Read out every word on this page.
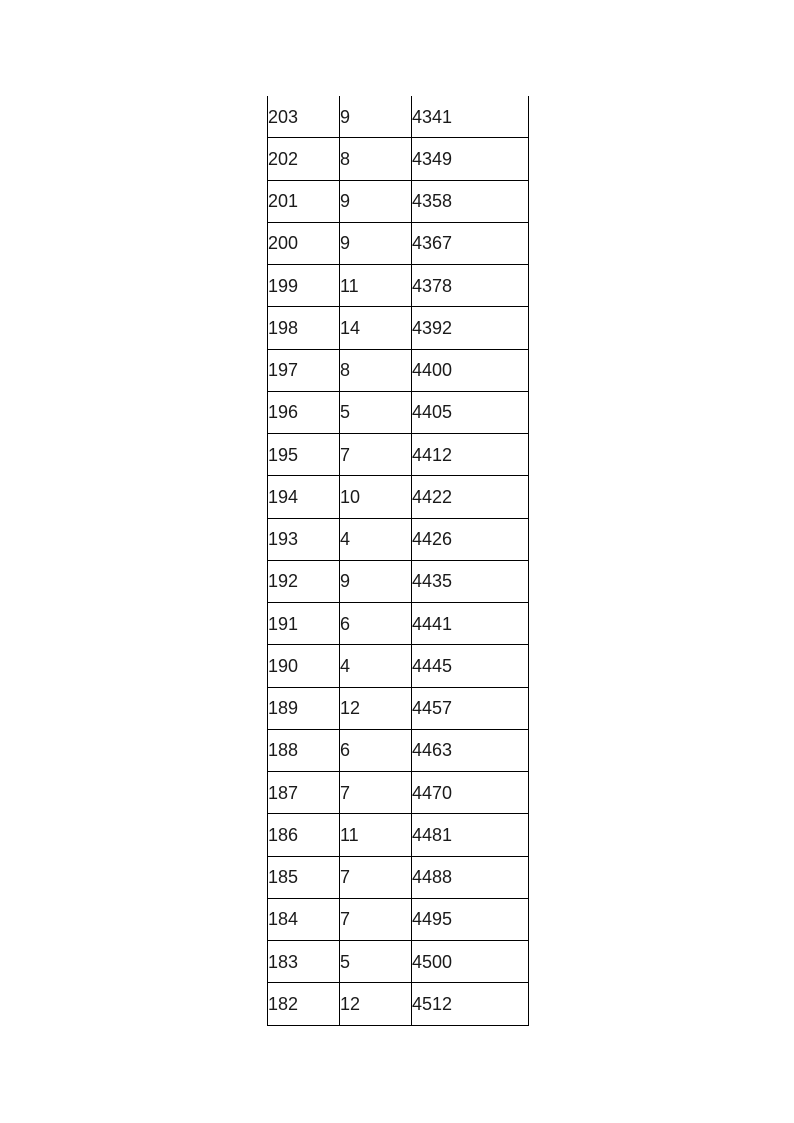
203	9	4341
202	8	4349
201	9	4358
200	9	4367
199	11	4378
198	14	4392
197	8	4400
196	5	4405
195	7	4412
194	10	4422
193	4	4426
192	9	4435
191	6	4441
190	4	4445
189	12	4457
188	6	4463
187	7	4470
186	11	4481
185	7	4488
184	7	4495
183	5	4500
182	12	4512
